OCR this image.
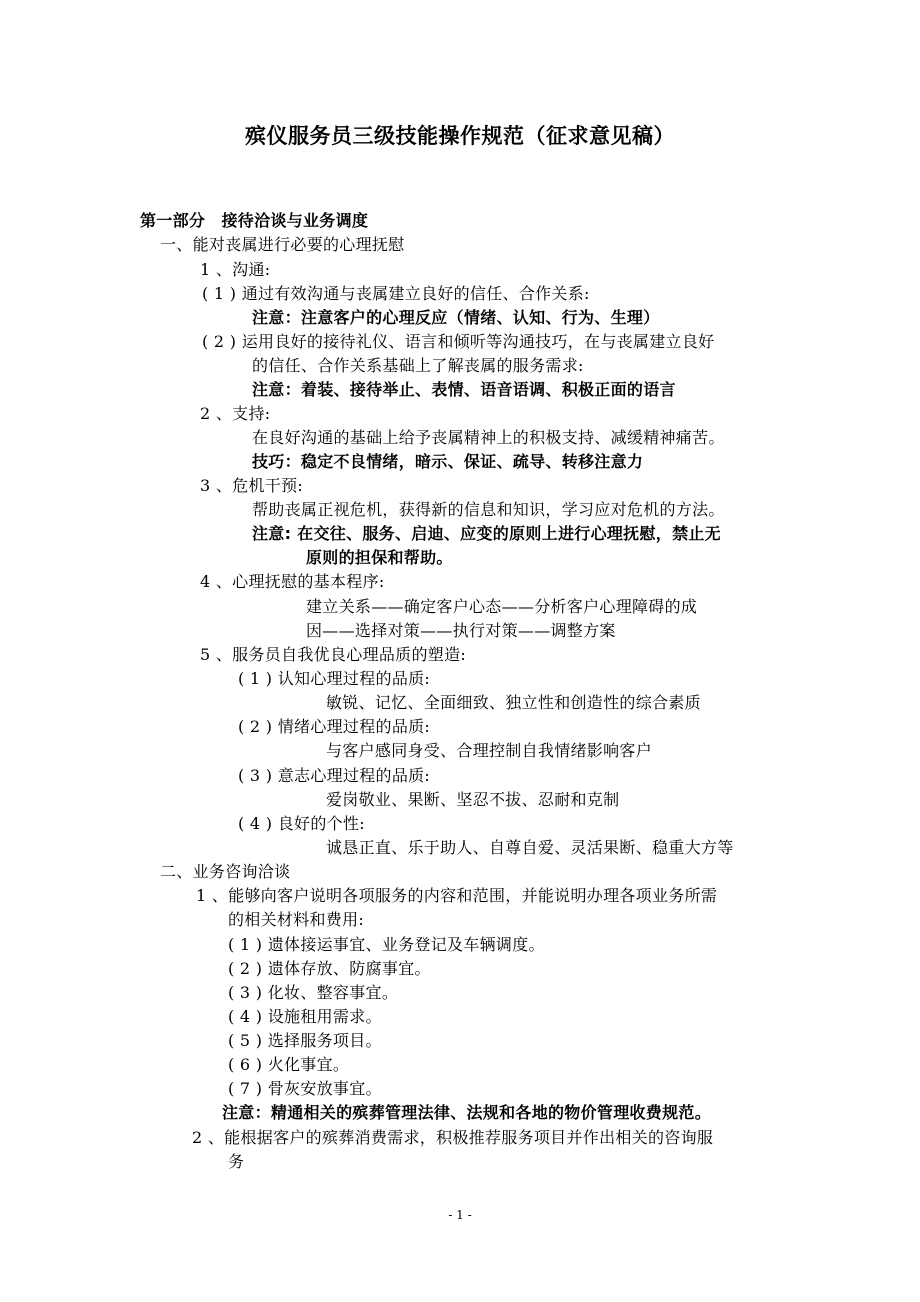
殡仪服务员三级技能操作规范（征求意见稿）
第一部分　接待洽谈与业务调度
一、能对丧属进行必要的心理抚慰
1 、沟通:
( 1 ) 通过有效沟通与丧属建立良好的信任、合作关系:
注意：注意客户的心理反应（情绪、认知、行为、生理）
( 2 ) 运用良好的接待礼仪、语言和倾听等沟通技巧，在与丧属建立良好
的信任、合作关系基础上了解丧属的服务需求:
注意：着装、接待举止、表情、语音语调、积极正面的语言
2 、支持:
在良好沟通的基础上给予丧属精神上的积极支持、减缓精神痛苦。
技巧：稳定不良情绪，暗示、保证、疏导、转移注意力
3 、危机干预:
帮助丧属正视危机，获得新的信息和知识，学习应对危机的方法。
注意: 在交往、服务、启迪、应变的原则上进行心理抚慰，禁止无
原则的担保和帮助。
4 、心理抚慰的基本程序:
建立关系——确定客户心态——分析客户心理障碍的成
因——选择对策——执行对策——调整方案
5 、服务员自我优良心理品质的塑造:
( 1 ) 认知心理过程的品质:
敏锐、记忆、全面细致、独立性和创造性的综合素质
( 2 ) 情绪心理过程的品质:
与客户感同身受、合理控制自我情绪影响客户
( 3 ) 意志心理过程的品质:
爱岗敬业、果断、坚忍不拔、忍耐和克制
( 4 ) 良好的个性:
诚恳正直、乐于助人、自尊自爱、灵活果断、稳重大方等
二、业务咨询洽谈
1 、能够向客户说明各项服务的内容和范围，并能说明办理各项业务所需
的相关材料和费用:
( 1 ) 遗体接运事宜、业务登记及车辆调度。
( 2 ) 遗体存放、防腐事宜。
( 3 ) 化妆、整容事宜。
( 4 ) 设施租用需求。
( 5 ) 选择服务项目。
( 6 ) 火化事宜。
( 7 ) 骨灰安放事宜。
注意：精通相关的殡葬管理法律、法规和各地的物价管理收费规范。
2 、能根据客户的殡葬消费需求，积极推荐服务项目并作出相关的咨询服
务
- 1 -
